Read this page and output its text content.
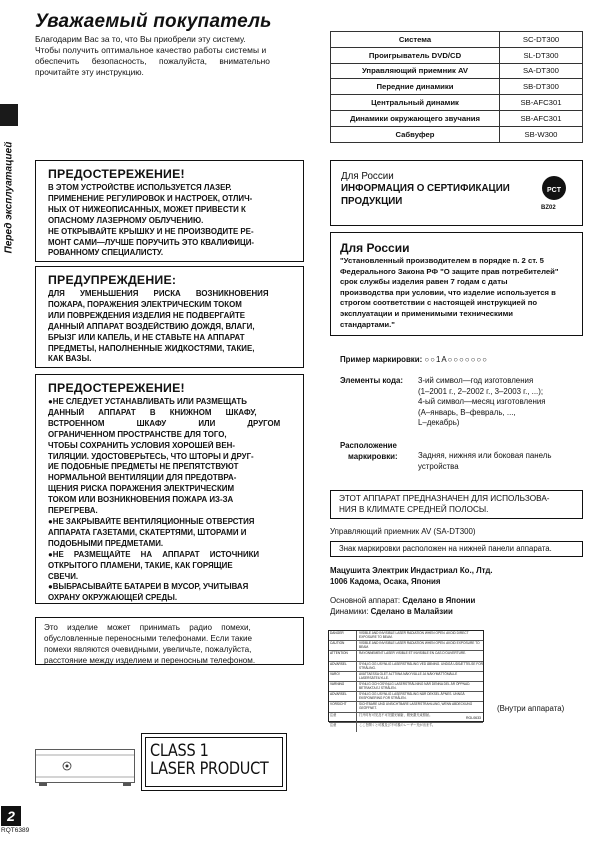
Уважаемый покупатель
Благодарим Вас за то, что Вы приобрели эту систему.
Чтобы получить оптимальное качество работы системы и
обеспечить безопасность, пожалуйста, внимательно
прочитайте эту инструкцию.
Система	SC-DT300
Проигрыватель DVD/CD	SL-DT300
Управляющий приемник AV	SA-DT300
Передние динамики	SB-DT300
Центральный динамик	SB-AFC301
Динамики окружающего звучания	SB-AFC301
Сабвуфер	SB-W300
Перед эксплуатацией	ПРЕДОСТЕРЕЖЕНИЕ!
В ЭТОМ УСТРОЙСТВЕ ИСПОЛЬЗУЕТСЯ ЛАЗЕР.
ПРИМЕНЕНИЕ РЕГУЛИРОВОК И НАСТРОЕК, ОТЛИЧ-
НЫХ ОТ НИЖЕОПИСАННЫХ, МОЖЕТ ПРИВЕСТИ К
ОПАСНОМУ ЛАЗЕРНОМУ ОБЛУЧЕНИЮ.
НЕ ОТКРЫВАЙТЕ КРЫШКУ И НЕ ПРОИЗВОДИТЕ РЕ-
МОНТ САМИ—ЛУЧШЕ ПОРУЧИТЬ ЭТО КВАЛИФИЦИ-
РОВАННОМУ СПЕЦИАЛИСТУ.
ПРЕДУПРЕЖДЕНИЕ:
ДЛЯ УМЕНЬШЕНИЯ РИСКА ВОЗНИКНОВЕНИЯ
ПОЖАРА, ПОРАЖЕНИЯ ЭЛЕКТРИЧЕСКИМ ТОКОМ
ИЛИ ПОВРЕЖДЕНИЯ ИЗДЕЛИЯ НЕ ПОДВЕРГАЙТЕ
ДАННЫЙ АППАРАТ ВОЗДЕЙСТВИЮ ДОЖДЯ, ВЛАГИ,
БРЫЗГ ИЛИ КАПЕЛЬ, И НЕ СТАВЬТЕ НА АППАРАТ
ПРЕДМЕТЫ, НАПОЛНЕННЫЕ ЖИДКОСТЯМИ, ТАКИЕ,
КАК ВАЗЫ.
ПРЕДОСТЕРЕЖЕНИЕ!
●НЕ СЛЕДУЕТ УСТАНАВЛИВАТЬ ИЛИ РАЗМЕЩАТЬ
ДАННЫЙ АППАРАТ В КНИЖНОМ ШКАФУ,
ВСТРОЕННОМ ШКАФУ ИЛИ ДРУГОМ
ОГРАНИЧЕННОМ ПРОСТРАНСТВЕ ДЛЯ ТОГО,
ЧТОБЫ СОХРАНИТЬ УСЛОВИЯ ХОРОШЕЙ ВЕН-
ТИЛЯЦИИ. УДОСТОВЕРЬТЕСЬ, ЧТО ШТОРЫ И ДРУГ-
ИЕ ПОДОБНЫЕ ПРЕДМЕТЫ НЕ ПРЕПЯТСТВУЮТ
НОРМАЛЬНОЙ ВЕНТИЛЯЦИИ ДЛЯ ПРЕДОТВРА-
ЩЕНИЯ РИСКА ПОРАЖЕНИЯ ЭЛЕКТРИЧЕСКИМ
ТОКОМ ИЛИ ВОЗНИКНОВЕНИЯ ПОЖАРА ИЗ-ЗА
ПЕРЕГРЕВА.
●НЕ ЗАКРЫВАЙТЕ ВЕНТИЛЯЦИОННЫЕ ОТВЕРСТИЯ
АППАРАТА ГАЗЕТАМИ, СКАТЕРТЯМИ, ШТОРАМИ И
ПОДОБНЫМИ ПРЕДМЕТАМИ.
●НЕ РАЗМЕЩАЙТЕ НА АППАРАТ ИСТОЧНИКИ
ОТКРЫТОГО ПЛАМЕНИ, ТАКИЕ, КАК ГОРЯЩИЕ
СВЕЧИ.
●ВЫБРАСЫВАЙТЕ БАТАРЕИ В МУСОР, УЧИТЫВАЯ
ОХРАНУ ОКРУЖАЮЩЕЙ СРЕДЫ.
Это изделие может принимать радио помехи,
обусловленные переносными телефонами. Если такие
помехи являются очевидными, увеличьте, пожалуйста,
расстояние между изделием и переносным телефоном.
Для России
ИНФОРМАЦИЯ О СЕРТИФИКАЦИИ
ПРОДУКЦИИ
PCT
BZ02
Для России
"Установленный производителем в порядке п. 2 ст. 5
Федерального Закона РФ "О защите прав потребителей"
срок службы изделия равен 7 годам с даты
производства при условии, что изделие используется в
строгом соответствии с настоящей инструкцией по
эксплуатации и применимыми техническими
стандартами."
Пример маркировки: ○○1А○○○○○○○
Элементы кода: 3-ий символ—год изготовления
(1–2001 г., 2–2002 г., 3–2003 г., ...);
4-ый символ—месяц изготовления
(А–январь, В–февраль, ...,
L–декабрь)
Расположение
маркировки:	Задняя, нижняя или боковая панель
устройства
ЭТОТ АППАРАТ ПРЕДНАЗНАЧЕН ДЛЯ ИСПОЛЬЗОВА-
НИЯ В КЛИМАТЕ СРЕДНЕЙ ПОЛОСЫ.
Управляющий приемник AV (SA-DT300)
Знак маркировки расположен на нижней панели аппарата.
Мацушита Электрик Индастриал Ко., Лтд.
1006 Кадома, Осака, Япония
Основной аппарат: Сделано в Японии
Динамики: Сделано в Малайзии
DANGER	VISIBLE AND INVISIBLE LASER RADIATION WHEN OPEN. AVOID DIRECT EXPOSURE TO BEAM.
CAUTION	VISIBLE AND INVISIBLE LASER RADIATION WHEN OPEN. AVOID EXPOSURE TO BEAM.
ATTENTION	RAYONNEMENT LASER VISIBLE ET INVISIBLE EN CAS D'OUVERTURE.
ADVARSEL	SYNLIG OG USYNLIG LASERSTRÅLING VED ÅBNING. UNDGÅ UDSÆTTELSE FOR STRÅLING.
VARO!	AVATTAESSA OLET ALTTIINA NÄKYVÄLLE JA NÄKYMÄTTÖMÄLLE LASERSÄTEILYLLE.
VARNING	SYNLIG OCH OSYNLIG LASERSTRÅLNING NÄR DENNA DEL ÄR ÖPPNAD. BETRAKTA EJ STRÅLEN.
ADVARSEL	SYNLIG OG USYNLIG LASERSTRÅLING NÅR DEKSEL ÅPNES. UNNGÅ EKSPONERING FOR STRÅLEN.
VORSICHT	SICHTBARE UND UNSICHTBARE LASERSTRAHLUNG, WENN ABDECKUNG GEÖFFNET.
注意	打开时有可见及不可见激光辐射，避免激光束照射。
注意	ここを開くと可視及び不可視のレーザー光が出ます。
RGL0633
(Внутри аппарата)
CLASS 1
LASER PRODUCT
2
RQT6389
